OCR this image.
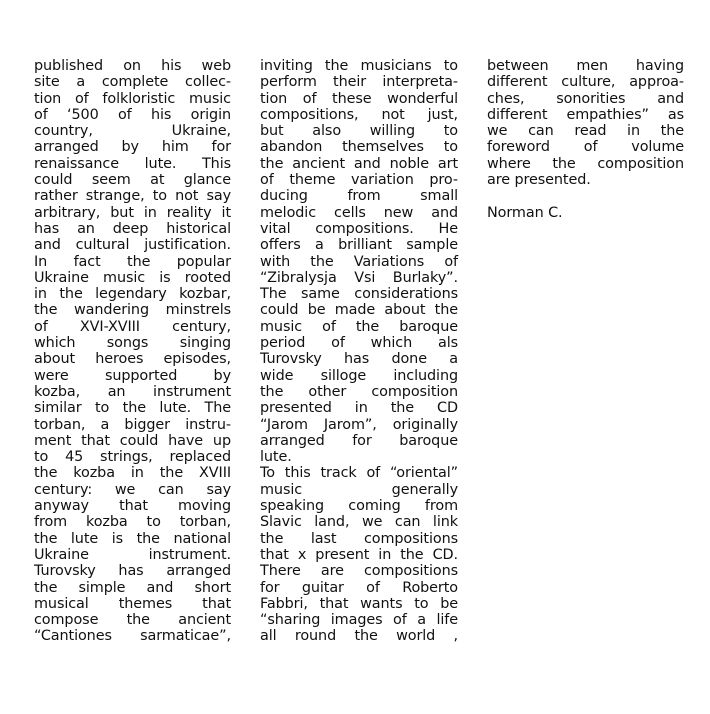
published on his web
site a complete collec-
tion of folkloristic music
of ‘500 of his origin
country, Ukraine,
arranged by him for
renaissance lute. This
could seem at glance
rather strange, to not say
arbitrary, but in reality it
has an deep historical
and cultural justification.
In fact the popular
Ukraine music is rooted
in the legendary kozbar,
the wandering minstrels
of XVI-XVIII century,
which songs singing
about heroes episodes,
were supported by
kozba, an instrument
similar to the lute. The
torban, a bigger instru-
ment that could have up
to 45 strings, replaced
the kozba in the XVIII
century: we can say
anyway that moving
from kozba to torban,
the lute is the national
Ukraine instrument.
Turovsky has arranged
the simple and short
musical themes that
compose the ancient
“Cantiones sarmaticae”,
inviting the musicians to
perform their interpreta-
tion of these wonderful
compositions, not just,
but also willing to
abandon themselves to
the ancient and noble art
of theme variation pro-
ducing from small
melodic cells new and
vital compositions. He
offers a brilliant sample
with the Variations of
“Zibralysja Vsi Burlaky”.
The same considerations
could be made about the
music of the baroque
period of which als
Turovsky has done a
wide silloge including
the other composition
presented in the CD
“Jarom Jarom”, originally
arranged for baroque
lute.
To this track of “oriental”
music generally
speaking coming from
Slavic land, we can link
the last compositions
that x present in the CD.
There are compositions
for guitar of Roberto
Fabbri, that wants to be
“sharing images of a life
all round the world ,
between men having
different culture, approa-
ches, sonorities and
different empathies” as
we can read in the
foreword of volume
where the composition
are presented.
Norman C.
